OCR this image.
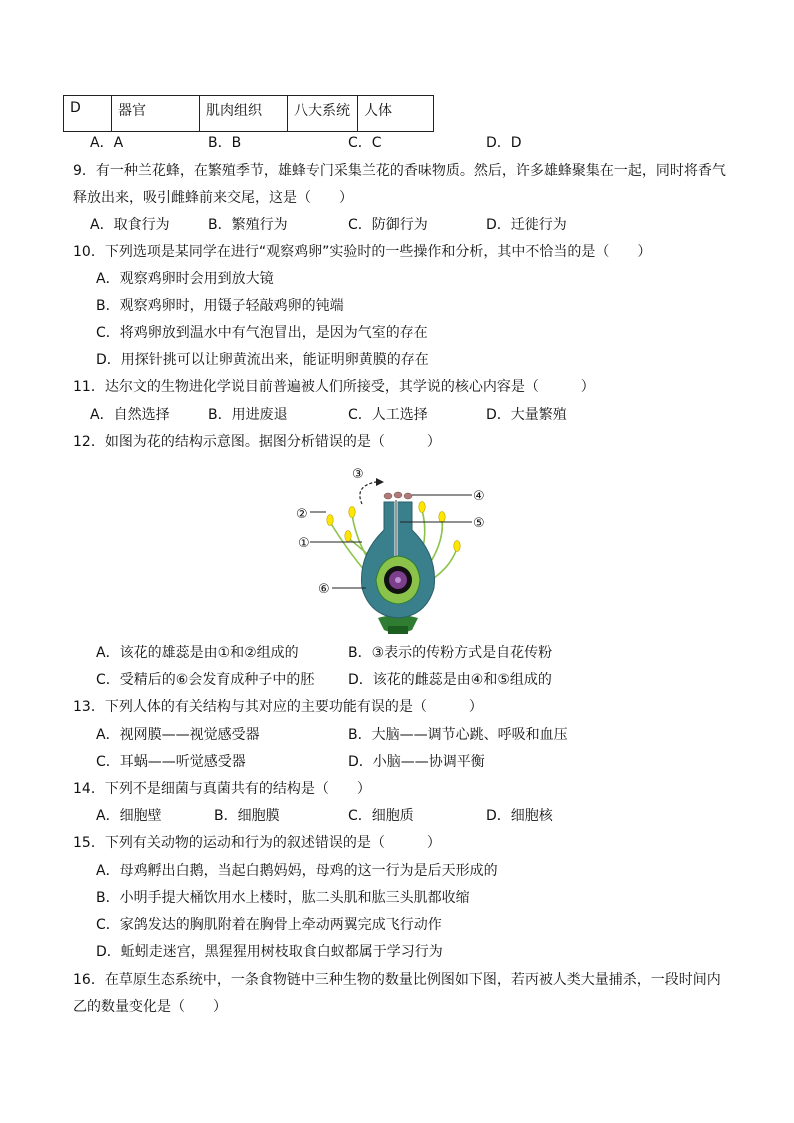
D	器官	肌肉组织	八大系统	人体
A．A	B．B	C．C	D．D
9．有一种兰花蜂，在繁殖季节，雄蜂专门采集兰花的香味物质。然后，许多雄蜂聚集在一起，同时将香气
释放出来，吸引雌蜂前来交尾，这是（　　）
A．取食行为	B．繁殖行为	C．防御行为	D．迁徙行为
10．下列选项是某同学在进行“观察鸡卵”实验时的一些操作和分析，其中不恰当的是（　　）
A．观察鸡卵时会用到放大镜
B．观察鸡卵时，用镊子轻敲鸡卵的钝端
C．将鸡卵放到温水中有气泡冒出，是因为气室的存在
D．用探针挑可以让卵黄流出来，能证明卵黄膜的存在
11．达尔文的生物进化学说目前普遍被人们所接受，其学说的核心内容是（　　　）
A．自然选择	B．用进废退	C．人工选择	D．大量繁殖
12．如图为花的结构示意图。据图分析错误的是（　　　）
③
②
①
⑥
④
⑤
A．该花的雄蕊是由①和②组成的	B．③表示的传粉方式是自花传粉
C．受精后的⑥会发育成种子中的胚 D．该花的雌蕊是由④和⑤组成的
13．下列人体的有关结构与其对应的主要功能有误的是（　　　）
A．视网膜——视觉感受器	B．大脑——调节心跳、呼吸和血压
C．耳蜗——听觉感受器	D．小脑——协调平衡
14．下列不是细菌与真菌共有的结构是（　　）
A．细胞壁	B．细胞膜	C．细胞质	D．细胞核
15．下列有关动物的运动和行为的叙述错误的是（　　　）
A．母鸡孵出白鹅，当起白鹅妈妈，母鸡的这一行为是后天形成的
B．小明手提大桶饮用水上楼时，肱二头肌和肱三头肌都收缩
C．家鸽发达的胸肌附着在胸骨上牵动两翼完成飞行动作
D．蚯蚓走迷宫，黑猩猩用树枝取食白蚁都属于学习行为
16．在草原生态系统中，一条食物链中三种生物的数量比例图如下图，若丙被人类大量捕杀，一段时间内
乙的数量变化是（　　）
